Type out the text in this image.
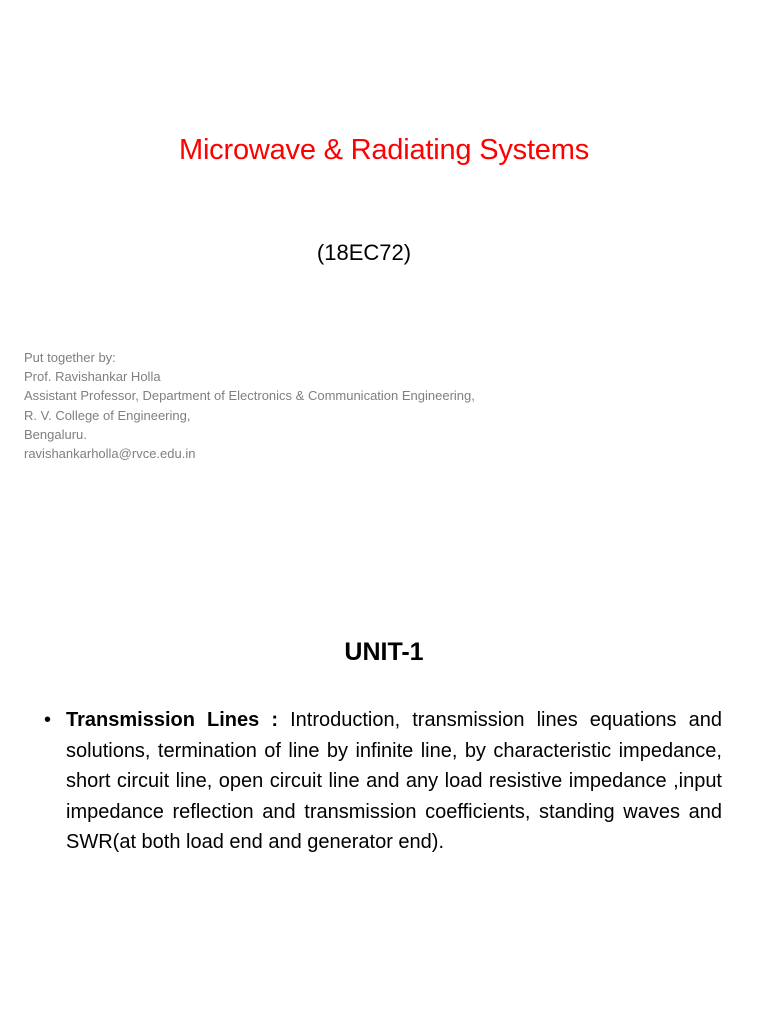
Microwave & Radiating Systems

(18EC72)

Put together by:
Prof. Ravishankar Holla
Assistant Professor, Department of Electronics & Communication Engineering,
R. V. College of Engineering,
Bengaluru.
ravishankarholla@rvce.edu.in
UNIT-1
• Transmission Lines : Introduction, transmission lines equations and solutions, termination of line by infinite line, by characteristic impedance, short circuit line, open circuit line and any load resistive impedance ,input impedance reflection and transmission coefficients, standing waves and SWR(at both load end and generator end).
